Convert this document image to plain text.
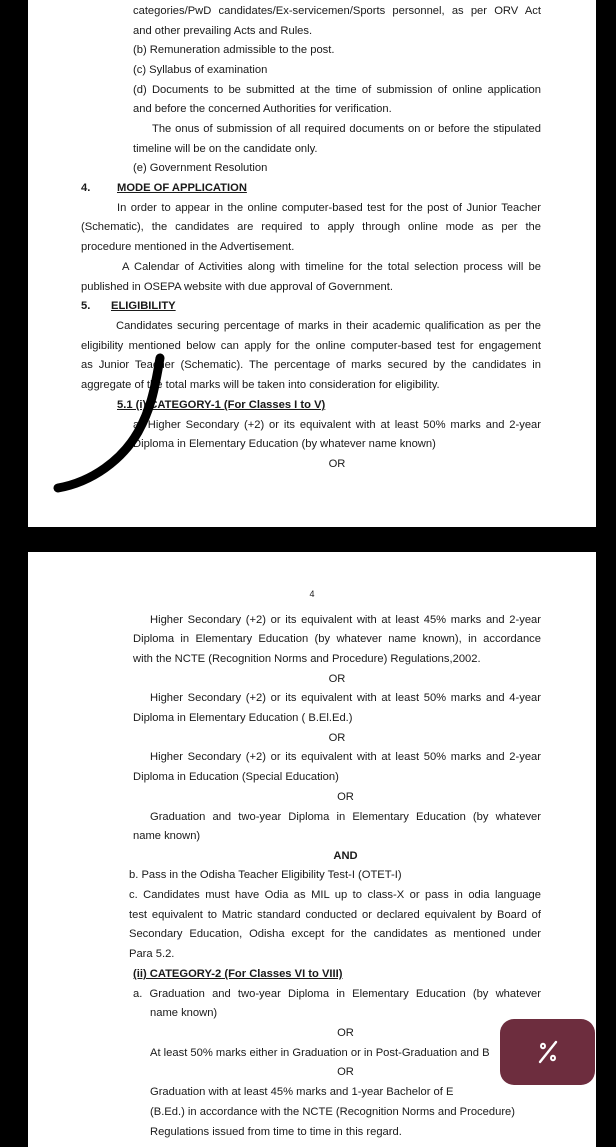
categories/PwD candidates/Ex-servicemen/Sports personnel, as per ORV Act
and other prevailing Acts and Rules.
(b) Remuneration admissible to the post.
(c) Syllabus of examination
(d) Documents to be submitted at the time of submission of online application
and before the concerned Authorities for verification.
The onus of submission of all required documents on or before the stipulated
timeline will be on the candidate only.
(e) Government Resolution
4. MODE OF APPLICATION
In order to appear in the online computer-based test for the post of Junior Teacher
(Schematic), the candidates are required to apply through online mode as per the
procedure mentioned in the Advertisement.
A Calendar of Activities along with timeline for the total selection process will be
published in OSEPA website with due approval of Government.
5. ELIGIBILITY
Candidates securing percentage of marks in their academic qualification as per the
eligibility mentioned below can apply for the online computer-based test for engagement
as Junior Teacher (Schematic). The percentage of marks secured by the candidates in
aggregate of the total marks will be taken into consideration for eligibility.
5.1 (i) CATEGORY-1 (For Classes I to V)
a) Higher Secondary (+2) or its equivalent with at least 50% marks and 2-year
Diploma in Elementary Education (by whatever name known)
OR
4
Higher Secondary (+2) or its equivalent with at least 45% marks and 2-year
Diploma in Elementary Education (by whatever name known), in accordance
with the NCTE (Recognition Norms and Procedure) Regulations,2002.
OR
Higher Secondary (+2) or its equivalent with at least 50% marks and 4-year
Diploma in Elementary Education ( B.El.Ed.)
OR
Higher Secondary (+2) or its equivalent with at least 50% marks and 2-year
Diploma in Education (Special Education)
OR
Graduation and two-year Diploma in Elementary Education (by whatever
name known)
AND
b. Pass in the Odisha Teacher Eligibility Test-I (OTET-I)
c. Candidates must have Odia as MIL up to class-X or pass in odia language
test equivalent to Matric standard conducted or declared equivalent by Board of
Secondary Education, Odisha except for the candidates as mentioned under
Para 5.2.
(ii) CATEGORY-2 (For Classes VI to VIII)
a. Graduation and two-year Diploma in Elementary Education (by whatever
name known)
OR
At least 50% marks either in Graduation or in Post-Graduation and B
OR
Graduation with at least 45% marks and 1-year Bachelor of E
(B.Ed.) in accordance with the NCTE (Recognition Norms and Procedure)
Regulations issued from time to time in this regard.
